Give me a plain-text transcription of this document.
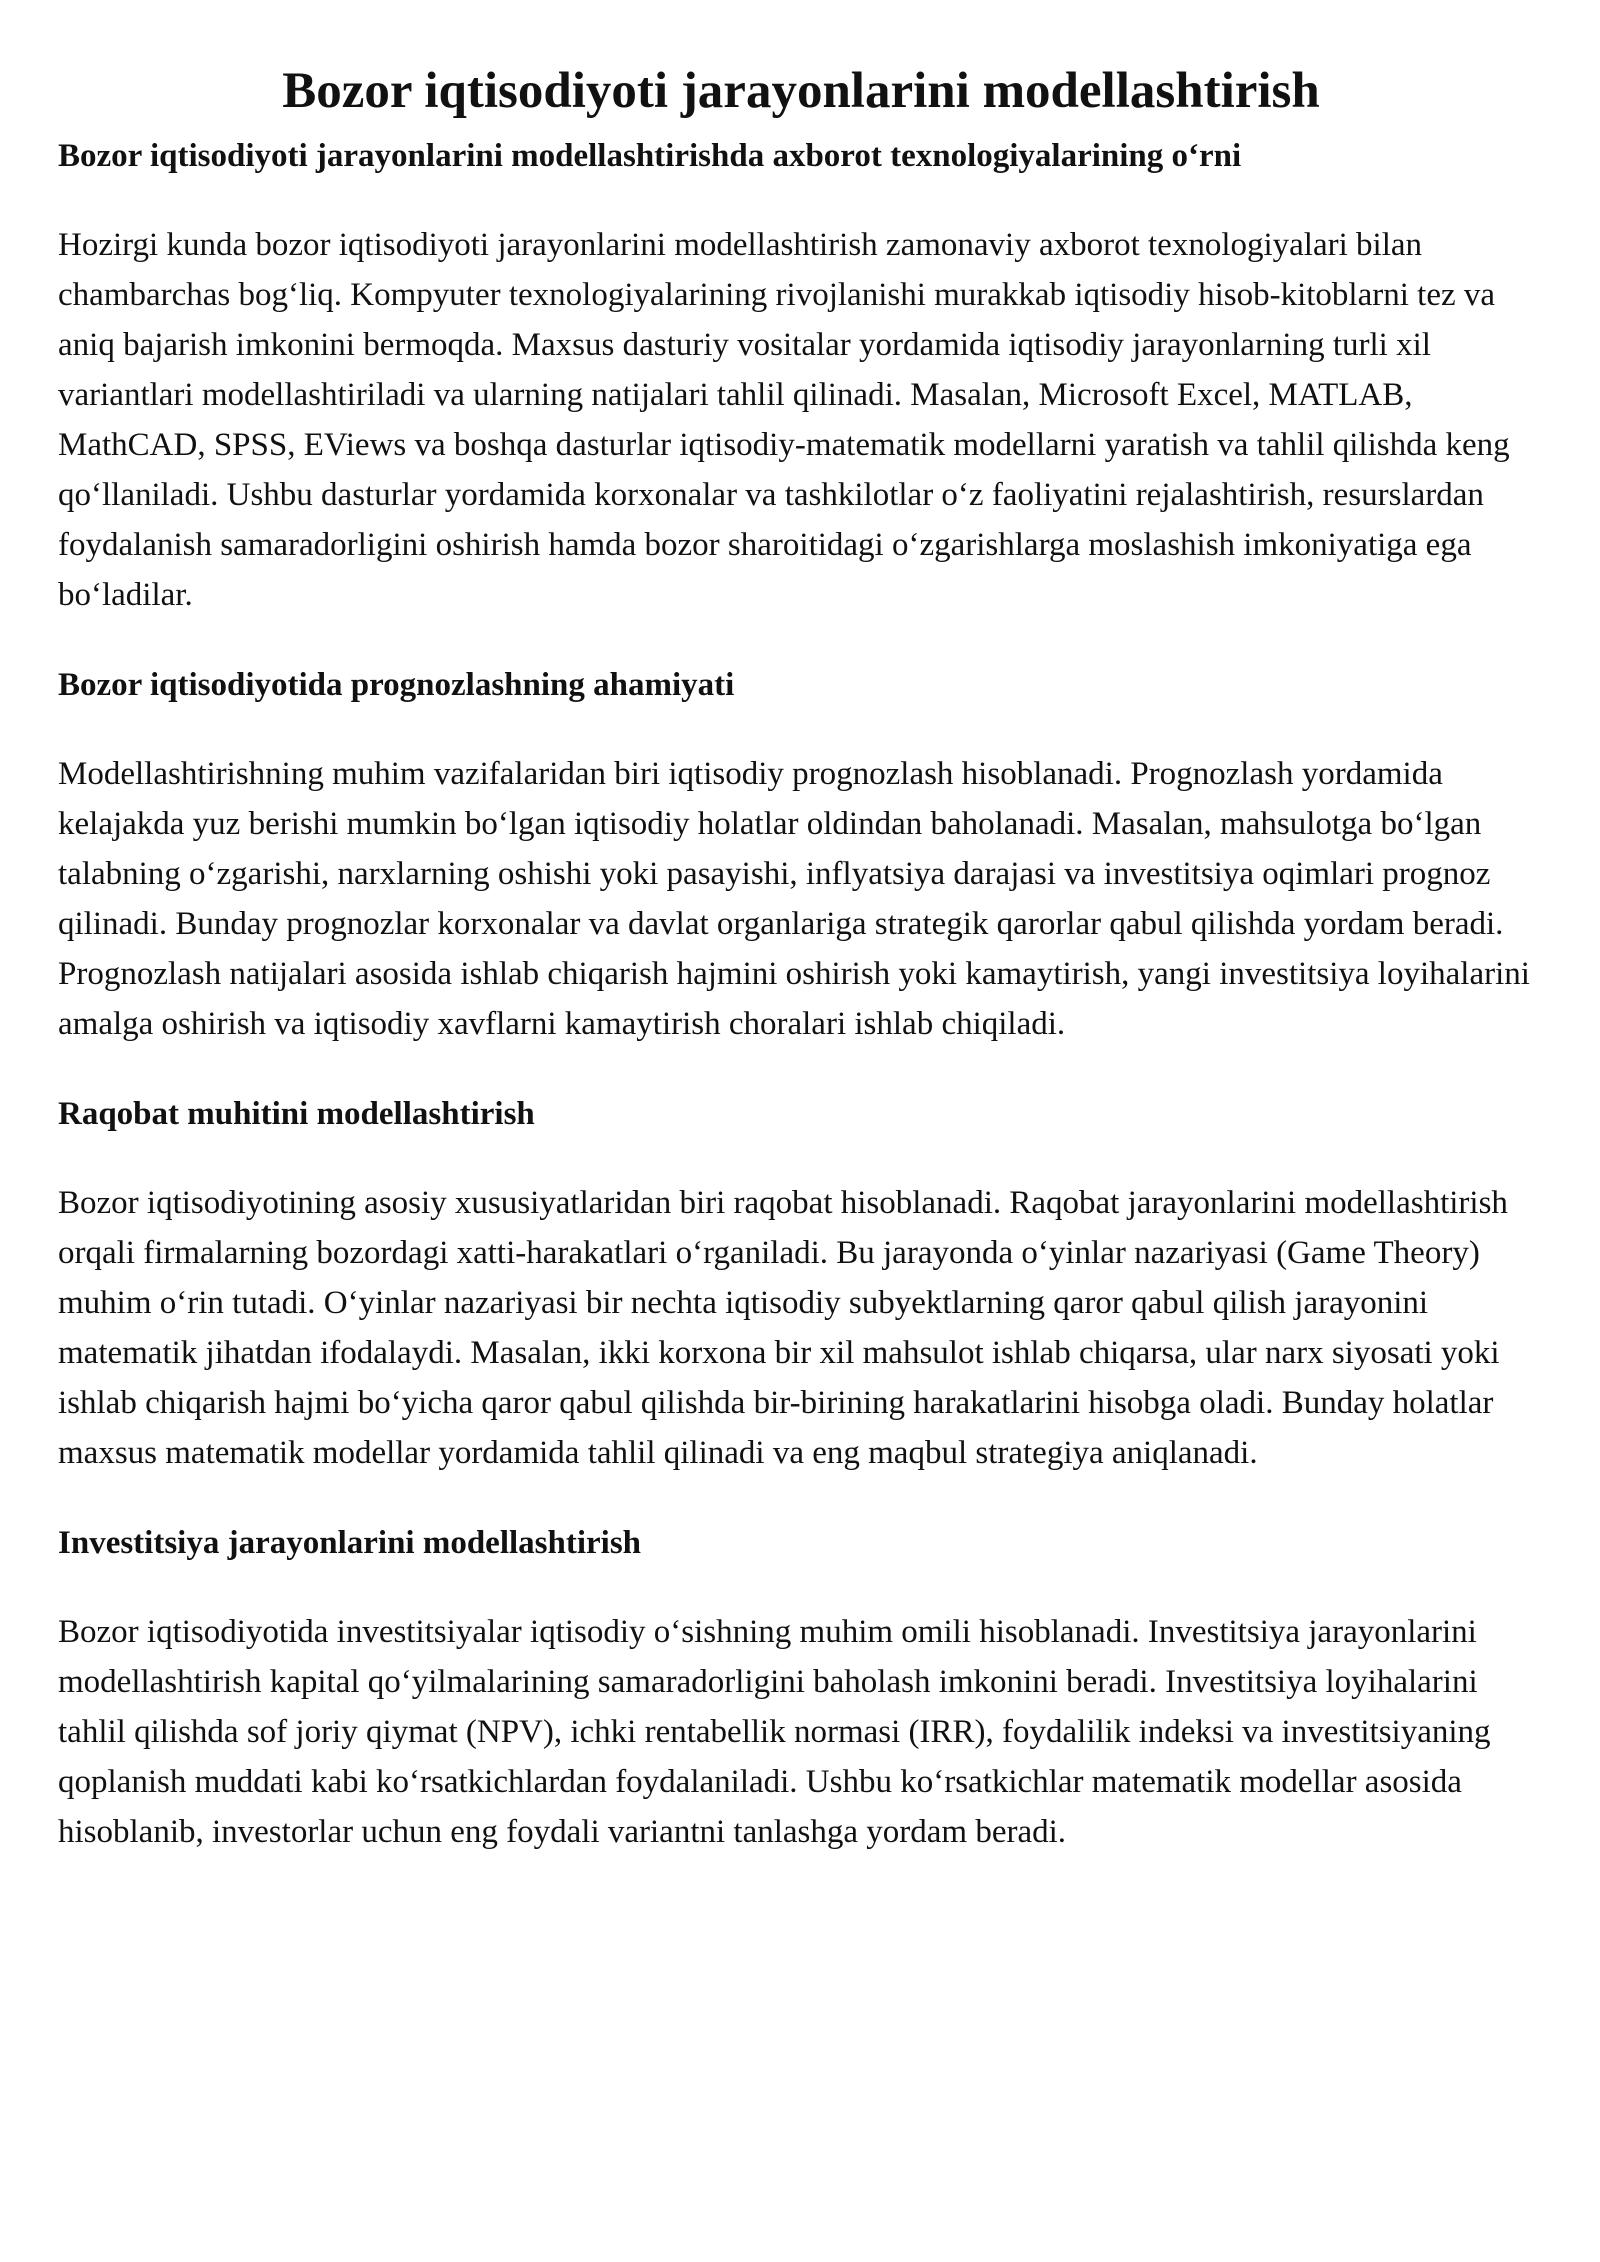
Bozor iqtisodiyoti jarayonlarini modellashtirish
Bozor iqtisodiyoti jarayonlarini modellashtirishda axborot texnologiyalarining o‘rni

Hozirgi kunda bozor iqtisodiyoti jarayonlarini modellashtirish zamonaviy axborot texnologiyalari bilan chambarchas bog‘liq. Kompyuter texnologiyalarining rivojlanishi murakkab iqtisodiy hisob-kitoblarni tez va aniq bajarish imkonini bermoqda. Maxsus dasturiy vositalar yordamida iqtisodiy jarayonlarning turli xil variantlari modellashtiriladi va ularning natijalari tahlil qilinadi. Masalan, Microsoft Excel, MATLAB, MathCAD, SPSS, EViews va boshqa dasturlar iqtisodiy-matematik modellarni yaratish va tahlil qilishda keng qo‘llaniladi. Ushbu dasturlar yordamida korxonalar va tashkilotlar o‘z faoliyatini rejalashtirish, resurslardan foydalanish samaradorligini oshirish hamda bozor sharoitidagi o‘zgarishlarga moslashish imkoniyatiga ega bo‘ladilar.

Bozor iqtisodiyotida prognozlashning ahamiyati

Modellashtirishning muhim vazifalaridan biri iqtisodiy prognozlash hisoblanadi. Prognozlash yordamida kelajakda yuz berishi mumkin bo‘lgan iqtisodiy holatlar oldindan baholanadi. Masalan, mahsulotga bo‘lgan talabning o‘zgarishi, narxlarning oshishi yoki pasayishi, inflyatsiya darajasi va investitsiya oqimlari prognoz qilinadi. Bunday prognozlar korxonalar va davlat organlariga strategik qarorlar qabul qilishda yordam beradi. Prognozlash natijalari asosida ishlab chiqarish hajmini oshirish yoki kamaytirish, yangi investitsiya loyihalarini amalga oshirish va iqtisodiy xavflarni kamaytirish choralari ishlab chiqiladi.

Raqobat muhitini modellashtirish

Bozor iqtisodiyotining asosiy xususiyatlaridan biri raqobat hisoblanadi. Raqobat jarayonlarini modellashtirish orqali firmalarning bozordagi xatti-harakatlari o‘rganiladi. Bu jarayonda o‘yinlar nazariyasi (Game Theory) muhim o‘rin tutadi. O‘yinlar nazariyasi bir nechta iqtisodiy subyektlarning qaror qabul qilish jarayonini matematik jihatdan ifodalaydi. Masalan, ikki korxona bir xil mahsulot ishlab chiqarsa, ular narx siyosati yoki ishlab chiqarish hajmi bo‘yicha qaror qabul qilishda bir-birining harakatlarini hisobga oladi. Bunday holatlar maxsus matematik modellar yordamida tahlil qilinadi va eng maqbul strategiya aniqlanadi.

Investitsiya jarayonlarini modellashtirish

Bozor iqtisodiyotida investitsiyalar iqtisodiy o‘sishning muhim omili hisoblanadi. Investitsiya jarayonlarini modellashtirish kapital qo‘yilmalarining samaradorligini baholash imkonini beradi. Investitsiya loyihalarini tahlil qilishda sof joriy qiymat (NPV), ichki rentabellik normasi (IRR), foydalilik indeksi va investitsiyaning qoplanish muddati kabi ko‘rsatkichlardan foydalaniladi. Ushbu ko‘rsatkichlar matematik modellar asosida hisoblanib, investorlar uchun eng foydali variantni tanlashga yordam beradi.
